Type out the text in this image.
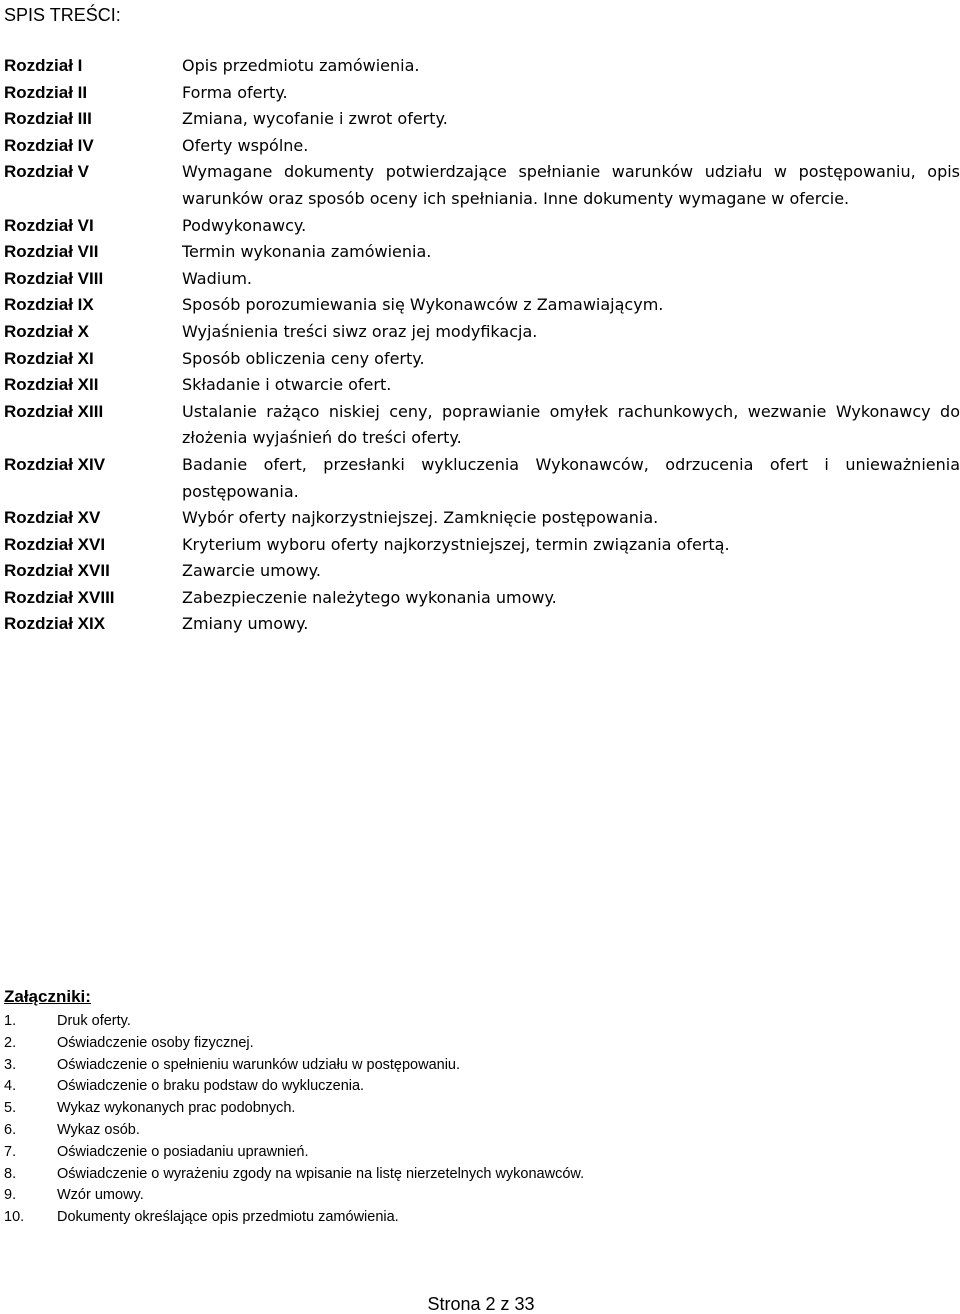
SPIS TREŚCI:
Rozdział I	Opis przedmiotu zamówienia.
Rozdział II	Forma oferty.
Rozdział III	Zmiana, wycofanie i zwrot oferty.
Rozdział IV	Oferty wspólne.
Rozdział V	Wymagane dokumenty potwierdzające spełnianie warunków udziału w postępowaniu, opis warunków oraz sposób oceny ich spełniania. Inne dokumenty wymagane w ofercie.
Rozdział VI	Podwykonawcy.
Rozdział VII	Termin wykonania zamówienia.
Rozdział VIII	Wadium.
Rozdział IX	Sposób porozumiewania się Wykonawców z Zamawiającym.
Rozdział X	Wyjaśnienia treści siwz oraz jej modyfikacja.
Rozdział XI	Sposób obliczenia ceny oferty.
Rozdział XII	Składanie i otwarcie ofert.
Rozdział XIII	Ustalanie rażąco niskiej ceny, poprawianie omyłek rachunkowych, wezwanie Wykonawcy do złożenia wyjaśnień do treści oferty.
Rozdział XIV	Badanie ofert, przesłanki wykluczenia Wykonawców, odrzucenia ofert i unieważnienia postępowania.
Rozdział XV	Wybór oferty najkorzystniejszej. Zamknięcie postępowania.
Rozdział XVI	Kryterium wyboru oferty najkorzystniejszej, termin związania ofertą.
Rozdział XVII	Zawarcie umowy.
Rozdział XVIII	Zabezpieczenie należytego wykonania umowy.
Rozdział XIX	Zmiany umowy.
Załączniki:
1.	Druk oferty.
2.	Oświadczenie osoby fizycznej.
3.	Oświadczenie o spełnieniu warunków udziału w postępowaniu.
4.	Oświadczenie o braku podstaw do wykluczenia.
5.	Wykaz wykonanych prac podobnych.
6.	Wykaz osób.
7.	Oświadczenie o posiadaniu uprawnień.
8.	Oświadczenie o wyrażeniu zgody na wpisanie na listę nierzetelnych wykonawców.
9.	Wzór umowy.
10.	Dokumenty określające opis przedmiotu zamówienia.
Strona 2 z 33
